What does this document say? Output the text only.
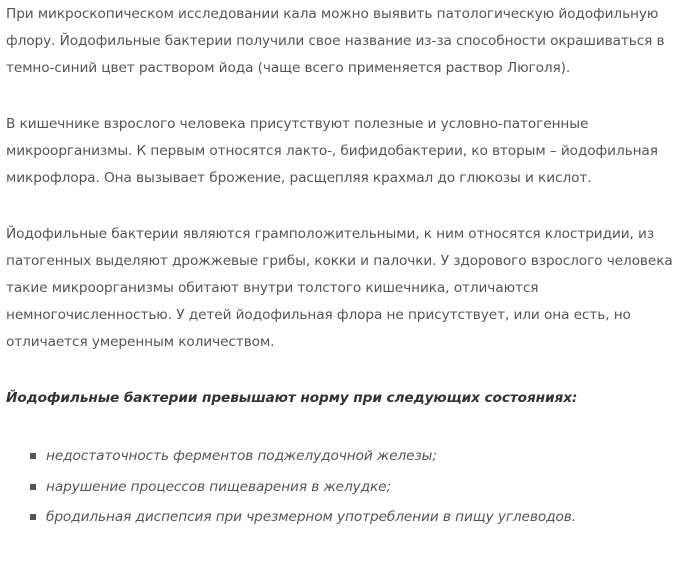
При микроскопическом исследовании кала можно выявить патологическую йодофильную флору. Йодофильные бактерии получили свое название из-за способности окрашиваться в темно-синий цвет раствором йода (чаще всего применяется раствор Люголя).

В кишечнике взрослого человека присутствуют полезные и условно-патогенные микроорганизмы. К первым относятся лакто-, бифидобактерии, ко вторым – йодофильная микрофлора. Она вызывает брожение, расщепляя крахмал до глюкозы и кислот.

Йодофильные бактерии являются грамположительными, к ним относятся клостридии, из патогенных выделяют дрожжевые грибы, кокки и палочки. У здорового взрослого человека такие микроорганизмы обитают внутри толстого кишечника, отличаются немногочисленностью. У детей йодофильная флора не присутствует, или она есть, но отличается умеренным количеством.

Йодофильные бактерии превышают норму при следующих состояниях:

недостаточность ферментов поджелудочной железы;
нарушение процессов пищеварения в желудке;
бродильная диспепсия при чрезмерном употреблении в пищу углеводов.
